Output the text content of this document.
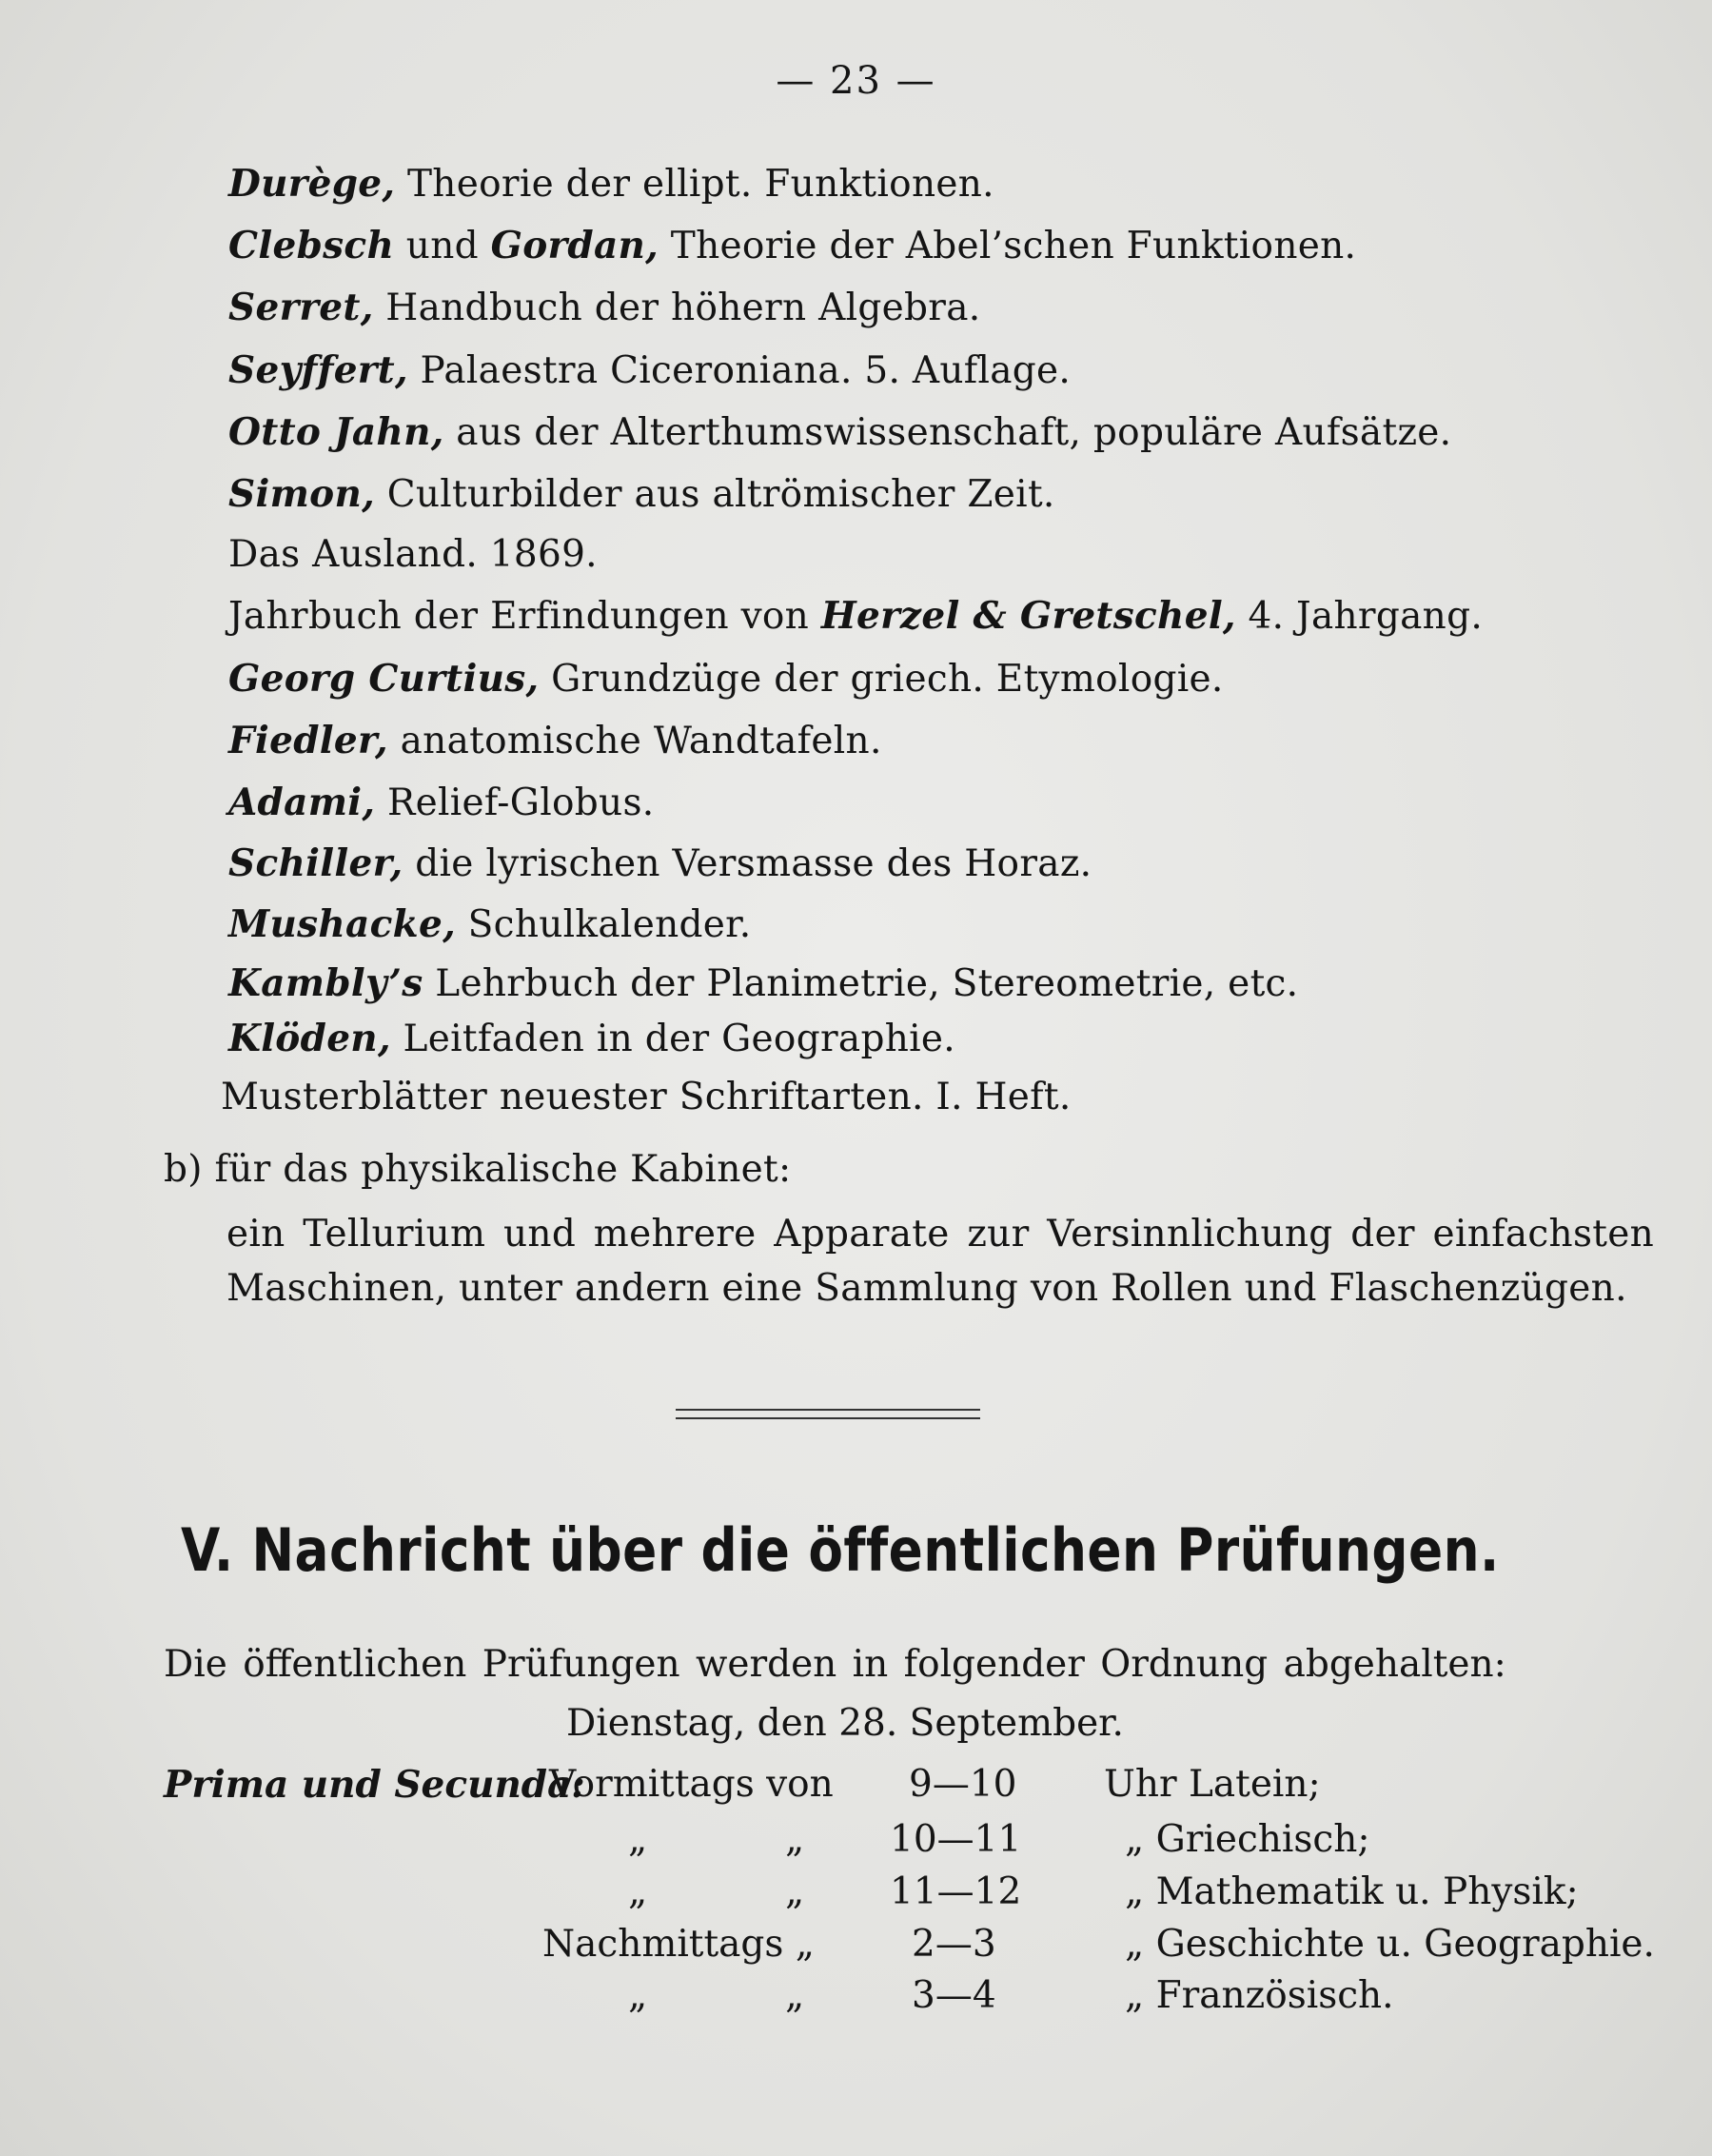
— 23 —
Durège, Theorie der ellipt. Funktionen.
Clebsch und Gordan, Theorie der Abel’schen Funktionen.
Serret, Handbuch der höhern Algebra.
Seyffert, Palaestra Ciceroniana. 5. Auflage.
Otto Jahn, aus der Alterthumswissenschaft, populäre Aufsätze.
Simon, Culturbilder aus altrömischer Zeit.
Das Ausland. 1869.
Jahrbuch der Erfindungen von Herzel & Gretschel, 4. Jahrgang.
Georg Curtius, Grundzüge der griech. Etymologie.
Fiedler, anatomische Wandtafeln.
Adami, Relief-Globus.
Schiller, die lyrischen Versmasse des Horaz.
Mushacke, Schulkalender.
Kambly’s Lehrbuch der Planimetrie, Stereometrie, etc.
Klöden, Leitfaden in der Geographie.
Musterblätter neuester Schriftarten. I. Heft.
b) für das physikalische Kabinet:
ein Tellurium und mehrere Apparate zur Versinnlichung der einfachsten
Maschinen, unter andern eine Sammlung von Rollen und Flaschenzügen.
V. Nachricht über die öffentlichen Prüfungen.
Die öffentlichen Prüfungen werden in folgender Ordnung abgehalten:
Dienstag, den 28. September.
Prima und Secunda:
Vormittags von 9—10 Uhr Latein;
„	„ 10—11	„ Griechisch;
„	„ 11—12	„ Mathematik u. Physik;
Nachmittags „	2—3	„ Geschichte u. Geographie.
„	„	3—4	„ Französisch.
